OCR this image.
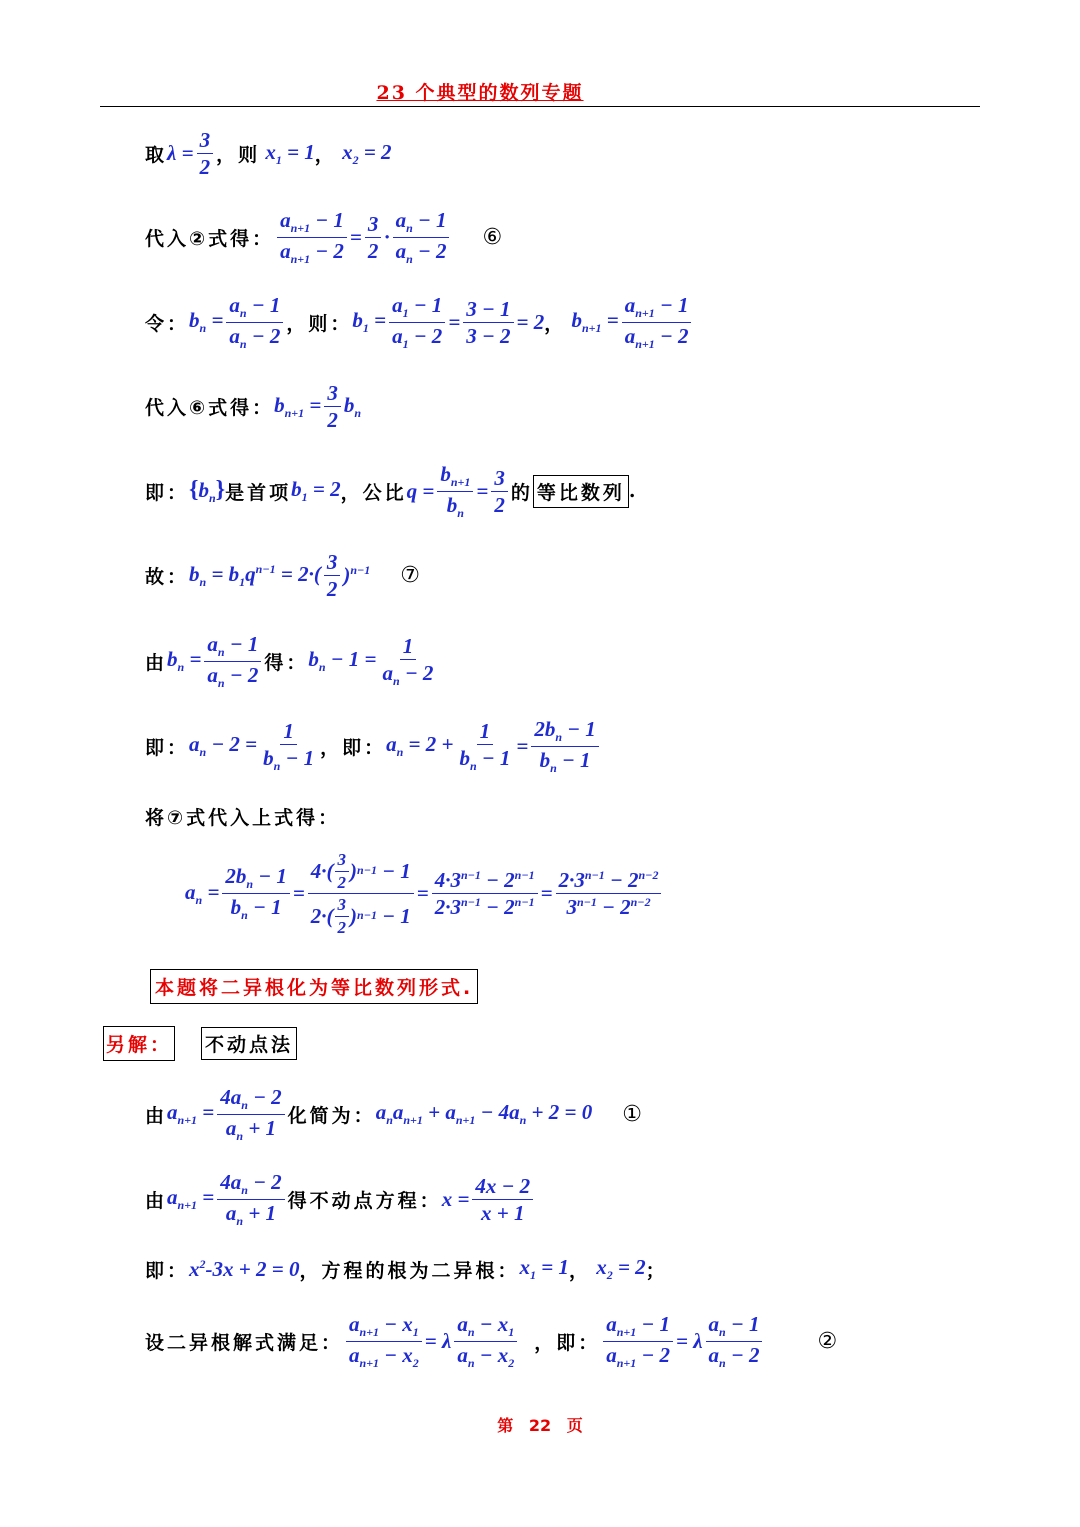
23 个典型的数列专题
取 $\lambda = \frac{3}{2}$ ，则 $x_1 = 1$ ， $x_2 = 2$
代入②式得： $\frac{a_{n+1} - 1}{a_{n+1} - 2} = \frac{3}{2} \cdot \frac{a_n - 1}{a_n - 2}$ ⑥
令： $b_n = \frac{a_n - 1}{a_n - 2}$ ，则： $b_1 = \frac{a_1 - 1}{a_1 - 2} = \frac{3 - 1}{3 - 2} = 2$ ， $b_{n+1} = \frac{a_{n+1} - 1}{a_{n+1} - 2}$
代入⑥式得： $b_{n+1} = \frac{3}{2} b_n$
即： $\{b_n\}$ 是首项 $b_1 = 2$ ，公比 $q = \frac{b_{n+1}}{b_n} = \frac{3}{2}$ 的 等比数列 .
故： $b_n = b_1q^{n-1} = 2\cdot( \frac{3}{2} )^{n-1}$ ⑦
由 $b_n = \frac{a_n - 1}{a_n - 2}$ 得： $b_n - 1 = \frac{1}{a_n - 2}$
即： $a_n - 2 = \frac{1}{b_n - 1}$ ，即： $a_n = 2 + \frac{1}{b_n - 1} = \frac{2b_n - 1}{b_n - 1}$
将⑦式代入上式得：
$a_n = \frac{2b_n - 1}{b_n - 1} = \frac{4\cdot( \frac{3}{2} ) n-1 - 1}{2\cdot( \frac{3}{2} ) n-1 - 1} = \frac{4\cdot 3^{n-1} - 2^{n-1}}{2\cdot 3^{n-1} - 2^{n-1}} = \frac{2\cdot 3^{n-1} - 2^{n-2}}{3^{n-1} - 2^{n-2}}$
本题将二异根化为等比数列形式.
另解： 不动点法
由 $a_{n+1} = \frac{4a_n - 2}{a_n + 1}$ 化简为： $a_na_{n+1} + a_{n+1} - 4a_n + 2 = 0$ ①
由 $a_{n+1} = \frac{4a_n - 2}{a_n + 1}$ 得不动点方程： $x = \frac{4x - 2}{x + 1}$
即： $x^2-3x + 2 = 0$ ，方程的根为二异根： $x_1 = 1$ ， $x_2 = 2$ ；
设二异根解式满足： $\frac{a_{n+1} - x_1}{a_{n+1} - x_2} = \lambda \frac{a_n - x_1}{a_n - x_2}$ ，即： $\frac{a_{n+1} - 1}{a_{n+1} - 2} = \lambda \frac{a_n - 1}{a_n - 2}$	②
第 22 页
